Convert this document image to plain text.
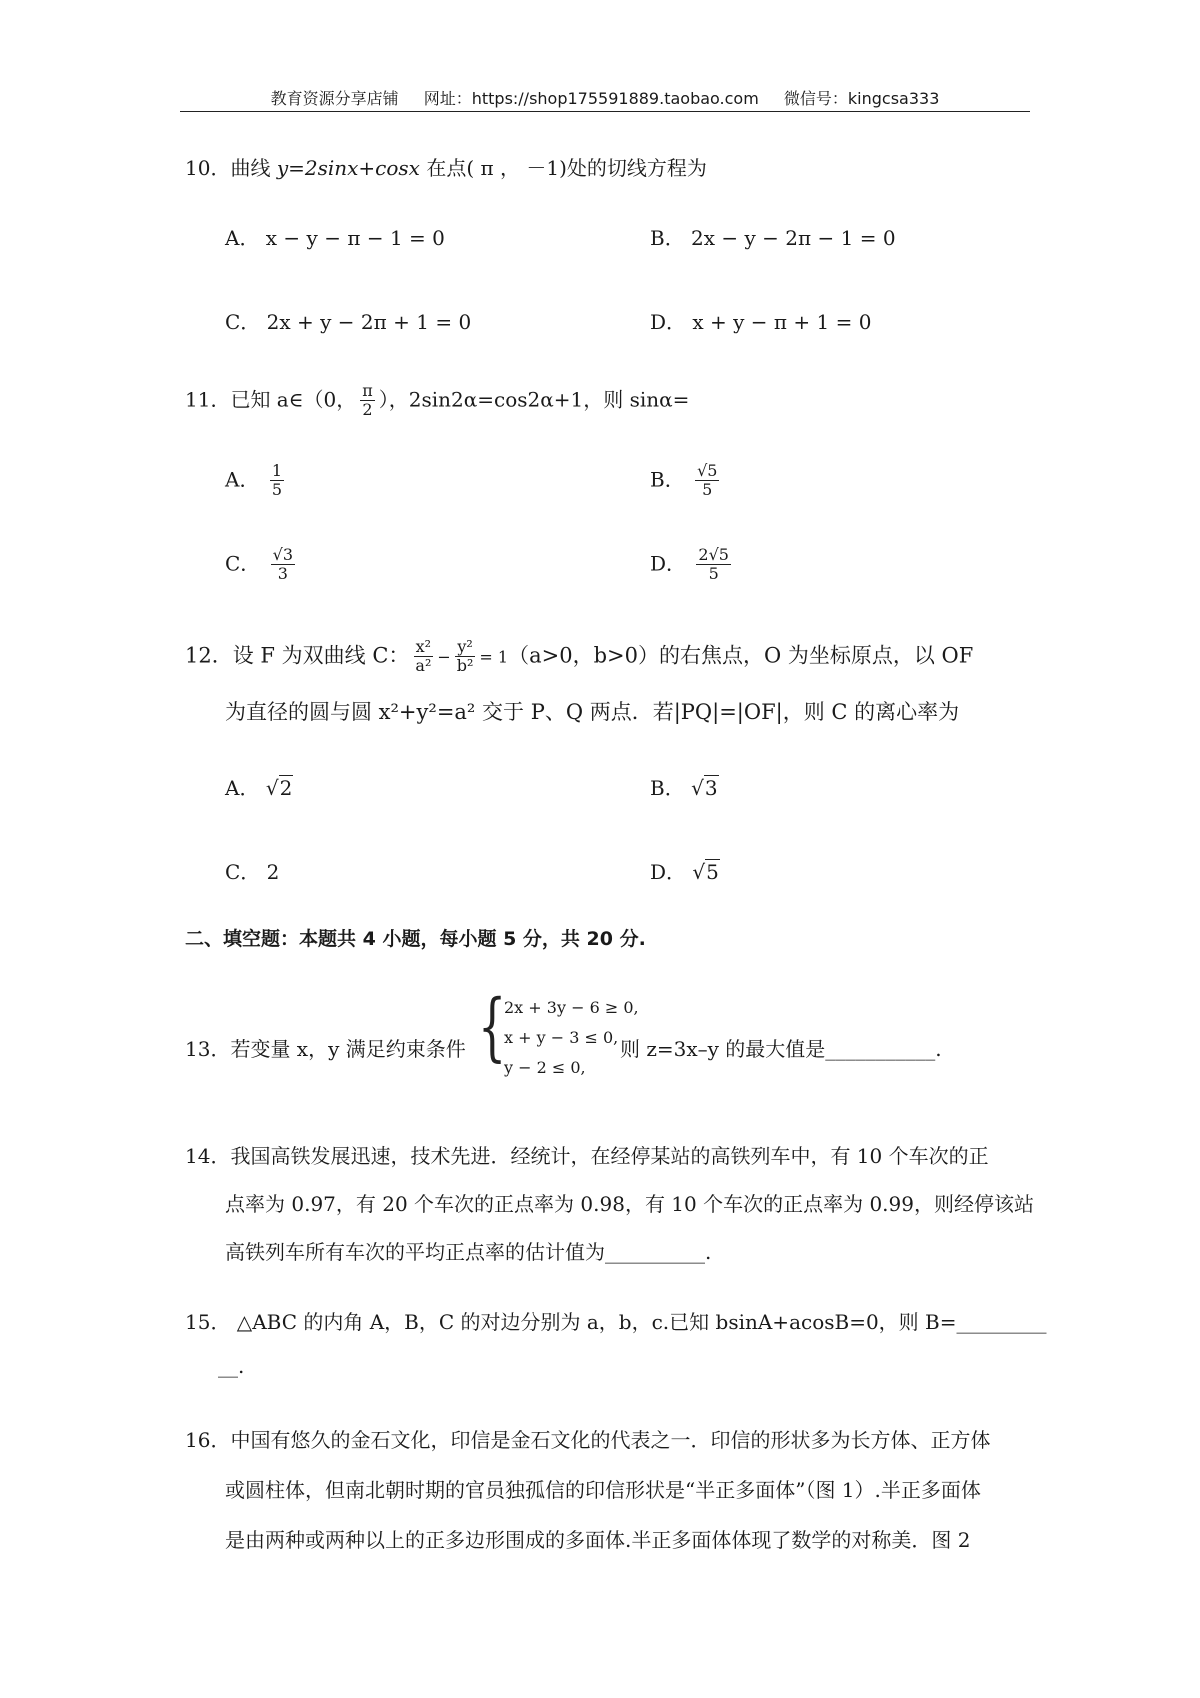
教育资源分享店铺 网址：https://shop175591889.taobao.com 微信号：kingcsa333
10．曲线 y=2sinx+cosx 在点( π ， －1)处的切线方程为
A． x − y − π − 1 = 0	B． 2x − y − 2π − 1 = 0
C． 2x + y − 2π + 1 = 0	D． x + y − π + 1 = 0
11．已知 a∈（0， $\frac{\pi}{2}$ ），2sin2α=cos2α+1，则 sinα=
A． $\frac{1}{5}$	B． $\frac{√5}{5}$
C． $\frac{√3}{3}$	D． $\frac{2√5}{5}$
12．设 F 为双曲线 C： $\frac{\text{x²}}{\text{a²}} - \frac{\text{y²}}{\text{b²}} = 1(a>0$，b>0）的右焦点，O 为坐标原点，以 OF
为直径的圆与圆 x²+y²=a² 交于 P、Q 两点．若|PQ|=|OF|，则 C 的离心率为
A． √2	B． √3
C． 2	D． √5
二、填空题：本题共 4 小题，每小题 5 分，共 20 分.
13．若变量 x，y 满足约束条件 {
2x + 3y − 6 ≥ 0,
x + y − 3 ≤ 0,
y − 2 ≤ 0,
则 z=3x–y 的最大值是___________.
14．我国高铁发展迅速，技术先进．经统计，在经停某站的高铁列车中，有 10 个车次的正
点率为 0.97，有 20 个车次的正点率为 0.98，有 10 个车次的正点率为 0.99，则经停该站
高铁列车所有车次的平均正点率的估计值为__________.
15． △ABC 的内角 A，B，C 的对边分别为 a，b，c.已知 bsinA+acosB=0，则 B=_________
__.
16．中国有悠久的金石文化，印信是金石文化的代表之一．印信的形状多为长方体、正方体
或圆柱体，但南北朝时期的官员独孤信的印信形状是“半正多面体”（图 1）.半正多面体
是由两种或两种以上的正多边形围成的多面体.半正多面体体现了数学的对称美．图 2
